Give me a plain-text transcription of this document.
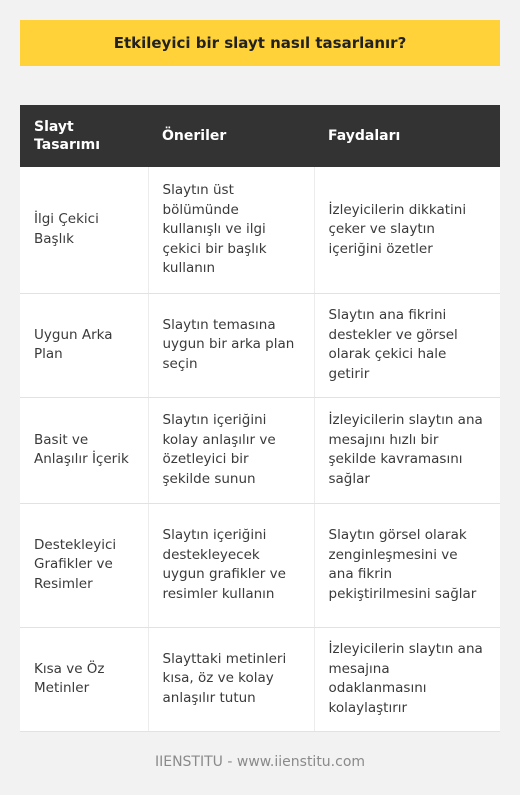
Etkileyici bir slayt nasıl tasarlanır?
Slayt Tasarımı	Öneriler	Faydaları
İlgi Çekici Başlık	Slaytın üst bölümünde kullanışlı ve ilgi çekici bir başlık kullanın	İzleyicilerin dikkatini çeker ve slaytın içeriğini özetler
Uygun Arka Plan	Slaytın temasına uygun bir arka plan seçin	Slaytın ana fikrini destekler ve görsel olarak çekici hale getirir
Basit ve Anlaşılır İçerik	Slaytın içeriğini kolay anlaşılır ve özetleyici bir şekilde sunun	İzleyicilerin slaytın ana mesajını hızlı bir şekilde kavramasını sağlar
Destekleyici Grafikler ve Resimler	Slaytın içeriğini destekleyecek uygun grafikler ve resimler kullanın	Slaytın görsel olarak zenginleşmesini ve ana fikrin pekiştirilmesini sağlar
Kısa ve Öz Metinler	Slayttaki metinleri kısa, öz ve kolay anlaşılır tutun	İzleyicilerin slaytın ana mesajına odaklanmasını kolaylaştırır
IIENSTITU - www.iienstitu.com
